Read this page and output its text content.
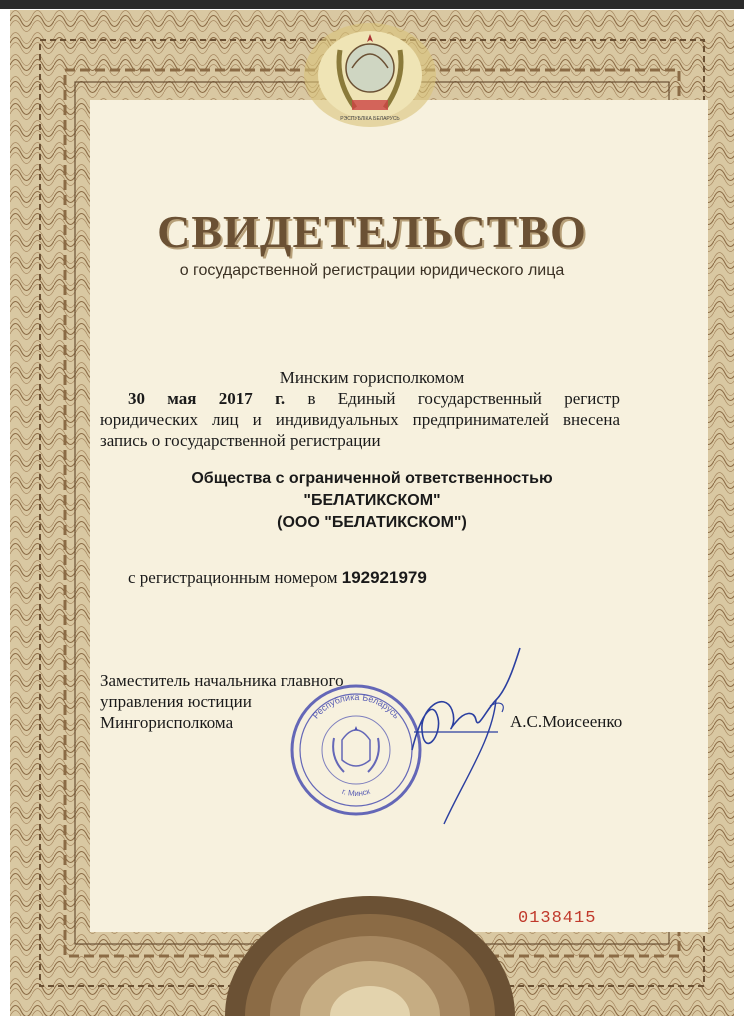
РЭСПУБЛIКА БЕЛАРУСЬ
СВИДЕТЕЛЬСТВО
о государственной регистрации юридического лица
Минским горисполкомом
30 мая 2017 г. в Единый государственный регистр
юридических лиц и индивидуальных предпринимателей внесена
запись о государственной регистрации
Общества с ограниченной ответственностью
"БЕЛАТИКСКОМ"
(ООО "БЕЛАТИКСКОМ")
с регистрационным номером 192921979
Заместитель начальника главного
управления юстиции
Мингорисполкома	Республика Беларусь
г. Минск
А.С.Моисеенко
0138415
